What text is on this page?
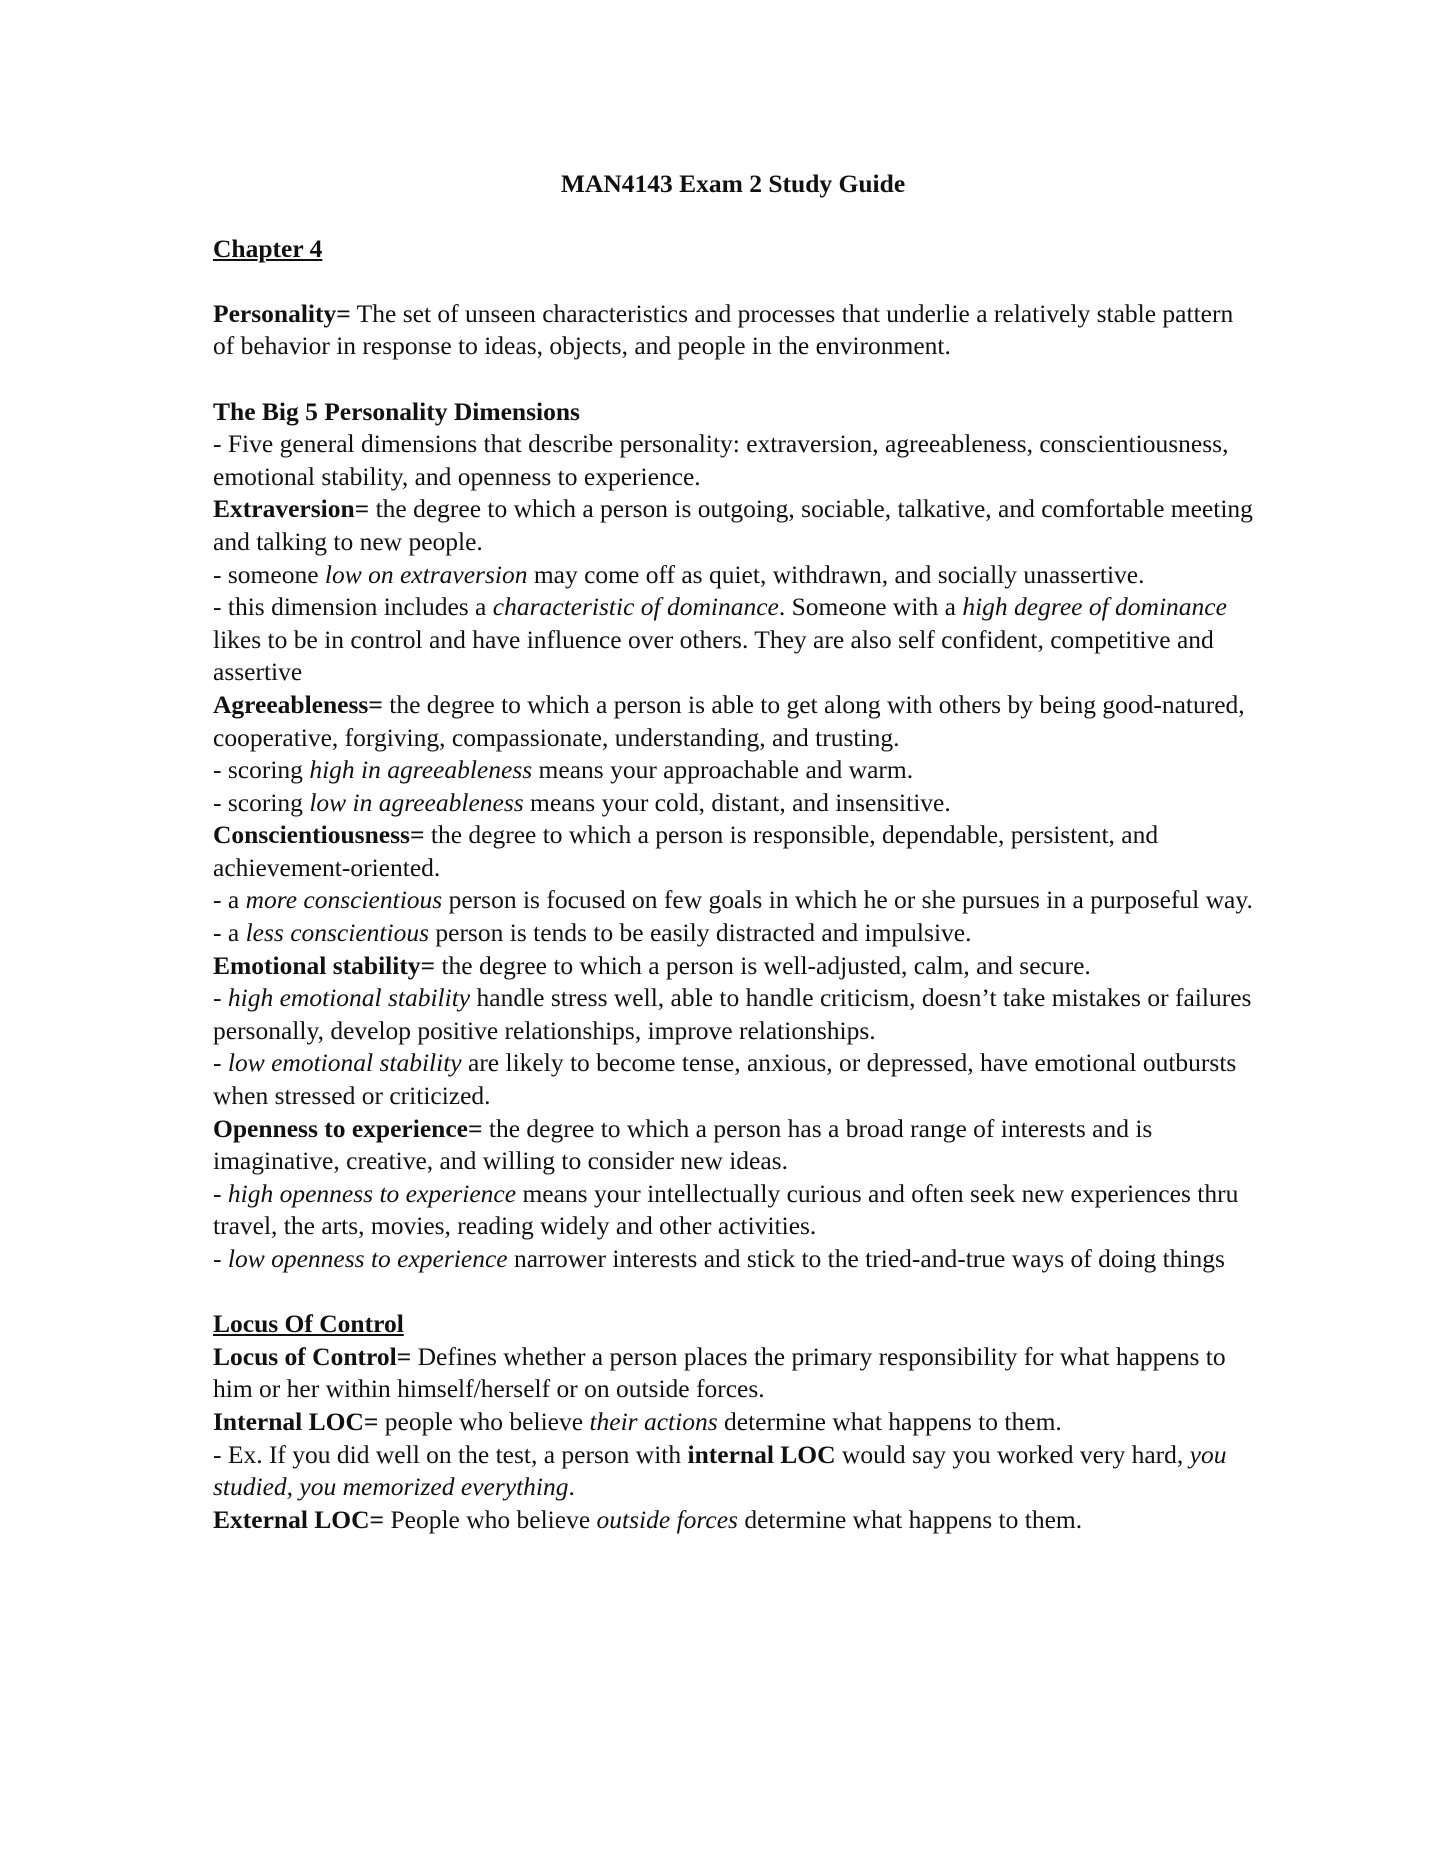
MAN4143 Exam 2 Study Guide

Chapter 4

Personality= The set of unseen characteristics and processes that underlie a relatively stable pattern of behavior in response to ideas, objects, and people in the environment.

The Big 5 Personality Dimensions

- Five general dimensions that describe personality: extraversion, agreeableness, conscientiousness, emotional stability, and openness to experience.

Extraversion= the degree to which a person is outgoing, sociable, talkative, and comfortable meeting and talking to new people.

- someone low on extraversion may come off as quiet, withdrawn, and socially unassertive.

- this dimension includes a characteristic of dominance. Someone with a high degree of dominance likes to be in control and have influence over others. They are also self confident, competitive and assertive

Agreeableness= the degree to which a person is able to get along with others by being good-natured, cooperative, forgiving, compassionate, understanding, and trusting.

- scoring high in agreeableness means your approachable and warm.

- scoring low in agreeableness means your cold, distant, and insensitive.

Conscientiousness= the degree to which a person is responsible, dependable, persistent, and achievement-oriented.

- a more conscientious person is focused on few goals in which he or she pursues in a purposeful way.

- a less conscientious person is tends to be easily distracted and impulsive.

Emotional stability= the degree to which a person is well-adjusted, calm, and secure.

- high emotional stability handle stress well, able to handle criticism, doesn’t take mistakes or failures personally, develop positive relationships, improve relationships.

- low emotional stability are likely to become tense, anxious, or depressed, have emotional outbursts when stressed or criticized.

Openness to experience= the degree to which a person has a broad range of interests and is imaginative, creative, and willing to consider new ideas.

- high openness to experience means your intellectually curious and often seek new experiences thru travel, the arts, movies, reading widely and other activities.

- low openness to experience narrower interests and stick to the tried-and-true ways of doing things

Locus Of Control

Locus of Control= Defines whether a person places the primary responsibility for what happens to him or her within himself/herself or on outside forces.

Internal LOC= people who believe their actions determine what happens to them.

- Ex. If you did well on the test, a person with internal LOC would say you worked very hard, you studied, you memorized everything.

External LOC= People who believe outside forces determine what happens to them.
